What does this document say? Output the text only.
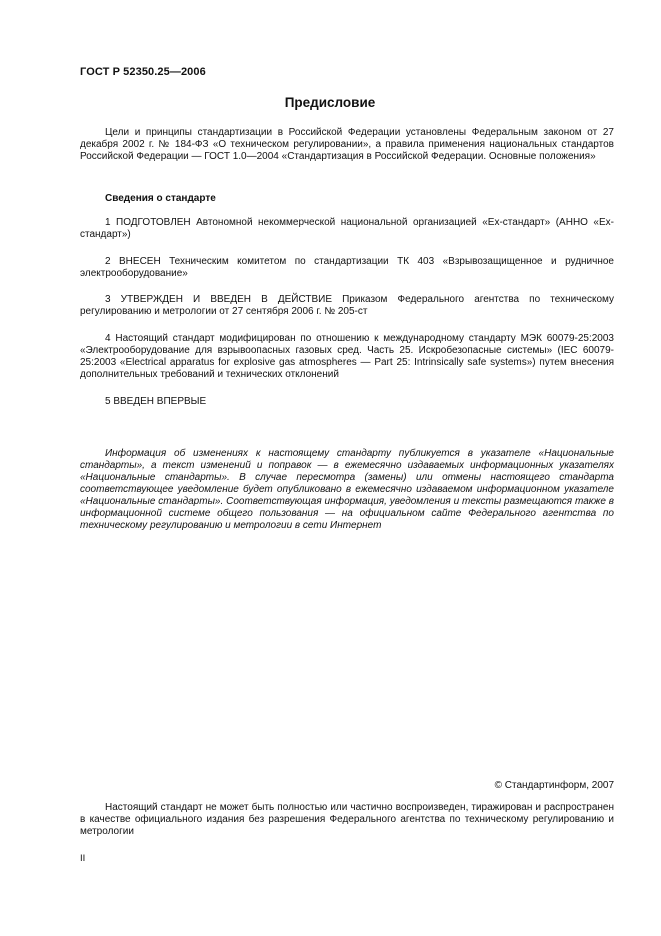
ГОСТ Р 52350.25—2006
Предисловие

Цели и принципы стандартизации в Российской Федерации установлены Федеральным законом от 27 декабря 2002 г. № 184-ФЗ «О техническом регулировании», а правила применения национальных стандартов Российской Федерации — ГОСТ 1.0—2004 «Стандартизация в Российской Федерации. Основные положения»

Сведения о стандарте

1 ПОДГОТОВЛЕН Автономной некоммерческой национальной организацией «Ех-стандарт» (АННО «Ех-стандарт»)

2 ВНЕСЕН Техническим комитетом по стандартизации ТК 403 «Взрывозащищенное и рудничное электрооборудование»

3 УТВЕРЖДЕН И ВВЕДЕН В ДЕЙСТВИЕ Приказом Федерального агентства по техническому регулированию и метрологии от 27 сентября 2006 г. № 205-ст

4 Настоящий стандарт модифицирован по отношению к международному стандарту МЭК 60079-25:2003 «Электрооборудование для взрывоопасных газовых сред. Часть 25. Искробезопасные системы» (IEC 60079-25:2003 «Electrical apparatus for explosive gas atmospheres — Part 25: Intrinsically safe systems») путем внесения дополнительных требований и технических отклонений

5 ВВЕДЕН ВПЕРВЫЕ

Информация об изменениях к настоящему стандарту публикуется в указателе «Национальные стандарты», а текст изменений и поправок — в ежемесячно издаваемых информационных указателях «Национальные стандарты». В случае пересмотра (замены) или отмены настоящего стандарта соответствующее уведомление будет опубликовано в ежемесячно издаваемом информационном указателе «Национальные стандарты». Соответствующая информация, уведомления и тексты размещаются также в информационной системе общего пользования — на официальном сайте Федерального агентства по техническому регулированию и метрологии в сети Интернет

© Стандартинформ, 2007

Настоящий стандарт не может быть полностью или частично воспроизведен, тиражирован и распространен в качестве официального издания без разрешения Федерального агентства по техническому регулированию и метрологии

II
